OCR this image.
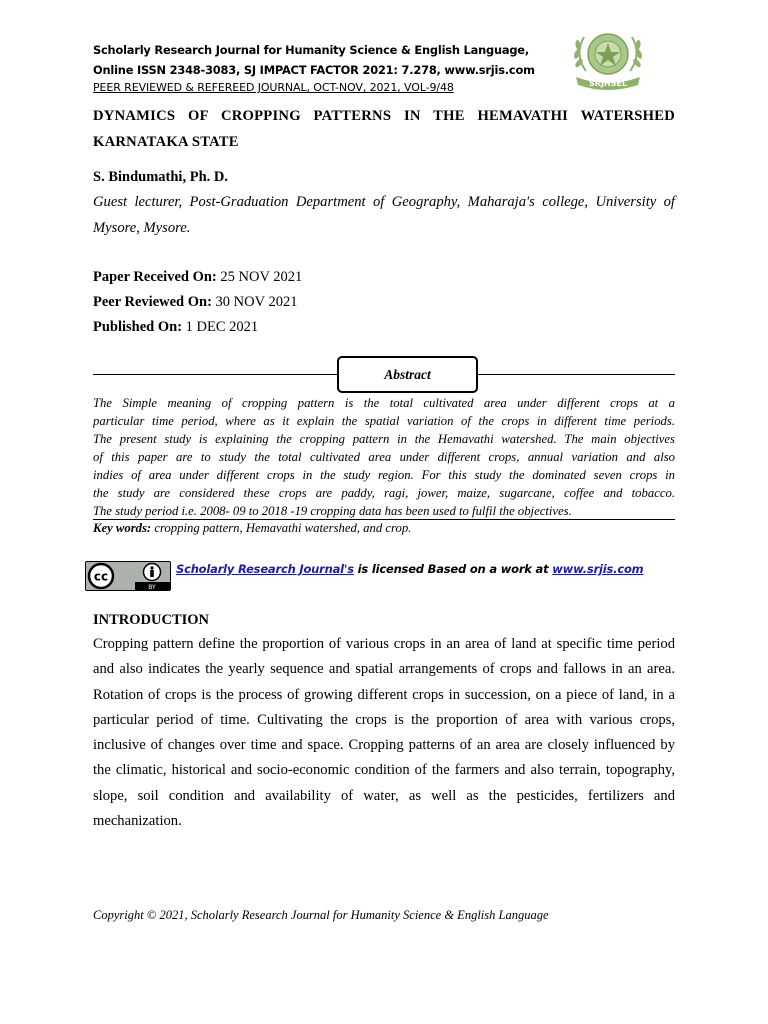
Scholarly Research Journal for Humanity Science & English Language,
Online ISSN 2348-3083, SJ IMPACT FACTOR 2021: 7.278, www.srjis.com
PEER REVIEWED & REFEREED JOURNAL, OCT-NOV, 2021, VOL-9/48	SRJHSEL
DYNAMICS OF CROPPING PATTERNS IN THE HEMAVATHI WATERSHED
KARNATAKA STATE
S. Bindumathi, Ph. D.
Guest lecturer, Post-Graduation Department of Geography, Maharaja's college, University of Mysore, Mysore.
Paper Received On: 25 NOV 2021
Peer Reviewed On: 30 NOV 2021
Published On: 1 DEC 2021
Abstract
The Simple meaning of cropping pattern is the total cultivated area under different crops at a
particular time period, where as it explain the spatial variation of the crops in different time periods.
The present study is explaining the cropping pattern in the Hemavathi watershed. The main objectives
of this paper are to study the total cultivated area under different crops, annual variation and also
indies of area under different crops in the study region. For this study the dominated seven crops in
the study are considered these crops are paddy, ragi, jower, maize, sugarcane, coffee and tobacco.
The study period i.e. 2008- 09 to 2018 -19 cropping data has been used to fulfil the objectives.
Key words: cropping pattern, Hemavathi watershed, and crop.
cc
BY
Scholarly Research Journal's is licensed Based on a work at www.srjis.com
INTRODUCTION
Cropping pattern define the proportion of various crops in an area of land at specific time period and also indicates the yearly sequence and spatial arrangements of crops and fallows in an area. Rotation of crops is the process of growing different crops in succession, on a piece of land, in a particular period of time. Cultivating the crops is the proportion of area with various crops, inclusive of changes over time and space. Cropping patterns of an area are closely influenced by the climatic, historical and socio-economic condition of the farmers and also terrain, topography, slope, soil condition and availability of water, as well as the pesticides, fertilizers and mechanization.
Copyright © 2021, Scholarly Research Journal for Humanity Science & English Language
